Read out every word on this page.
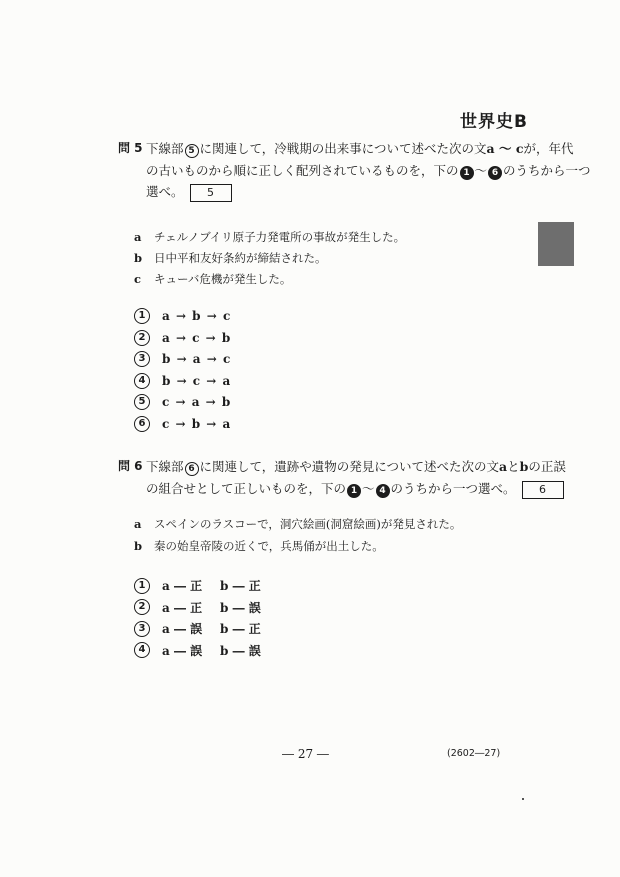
世界史B
問 5 下線部 5 に関連して，冷戦期の出来事について述べた次の文a ～ cが，年代
の古いものから順に正しく配列されているものを，下の 1 ～ 6 のうちから一つ
選べ。 5
a チェルノブイリ原子力発電所の事故が発生した。
b 日中平和友好条約が締結された。
c キューバ危機が発生した。
1	a → b → c
2	a → c → b
3	b → a → c
4	b → c → a
5	c → a → b
6	c → b → a
問 6 下線部 6 に関連して，遺跡や遺物の発見について述べた次の文aとbの正誤
の組合せとして正しいものを，下の 1 ～ 4 のうちから一つ選べ。 6
a スペインのラスコーで，洞穴絵画(洞窟絵画)が発見された。
b 秦の始皇帝陵の近くで，兵馬俑が出土した。
1	a ― 正	b ― 正
2	a ― 正	b ― 誤
3	a ― 誤	b ― 正
4	a ― 誤	b ― 誤
― 27 ―	(2602―27)
